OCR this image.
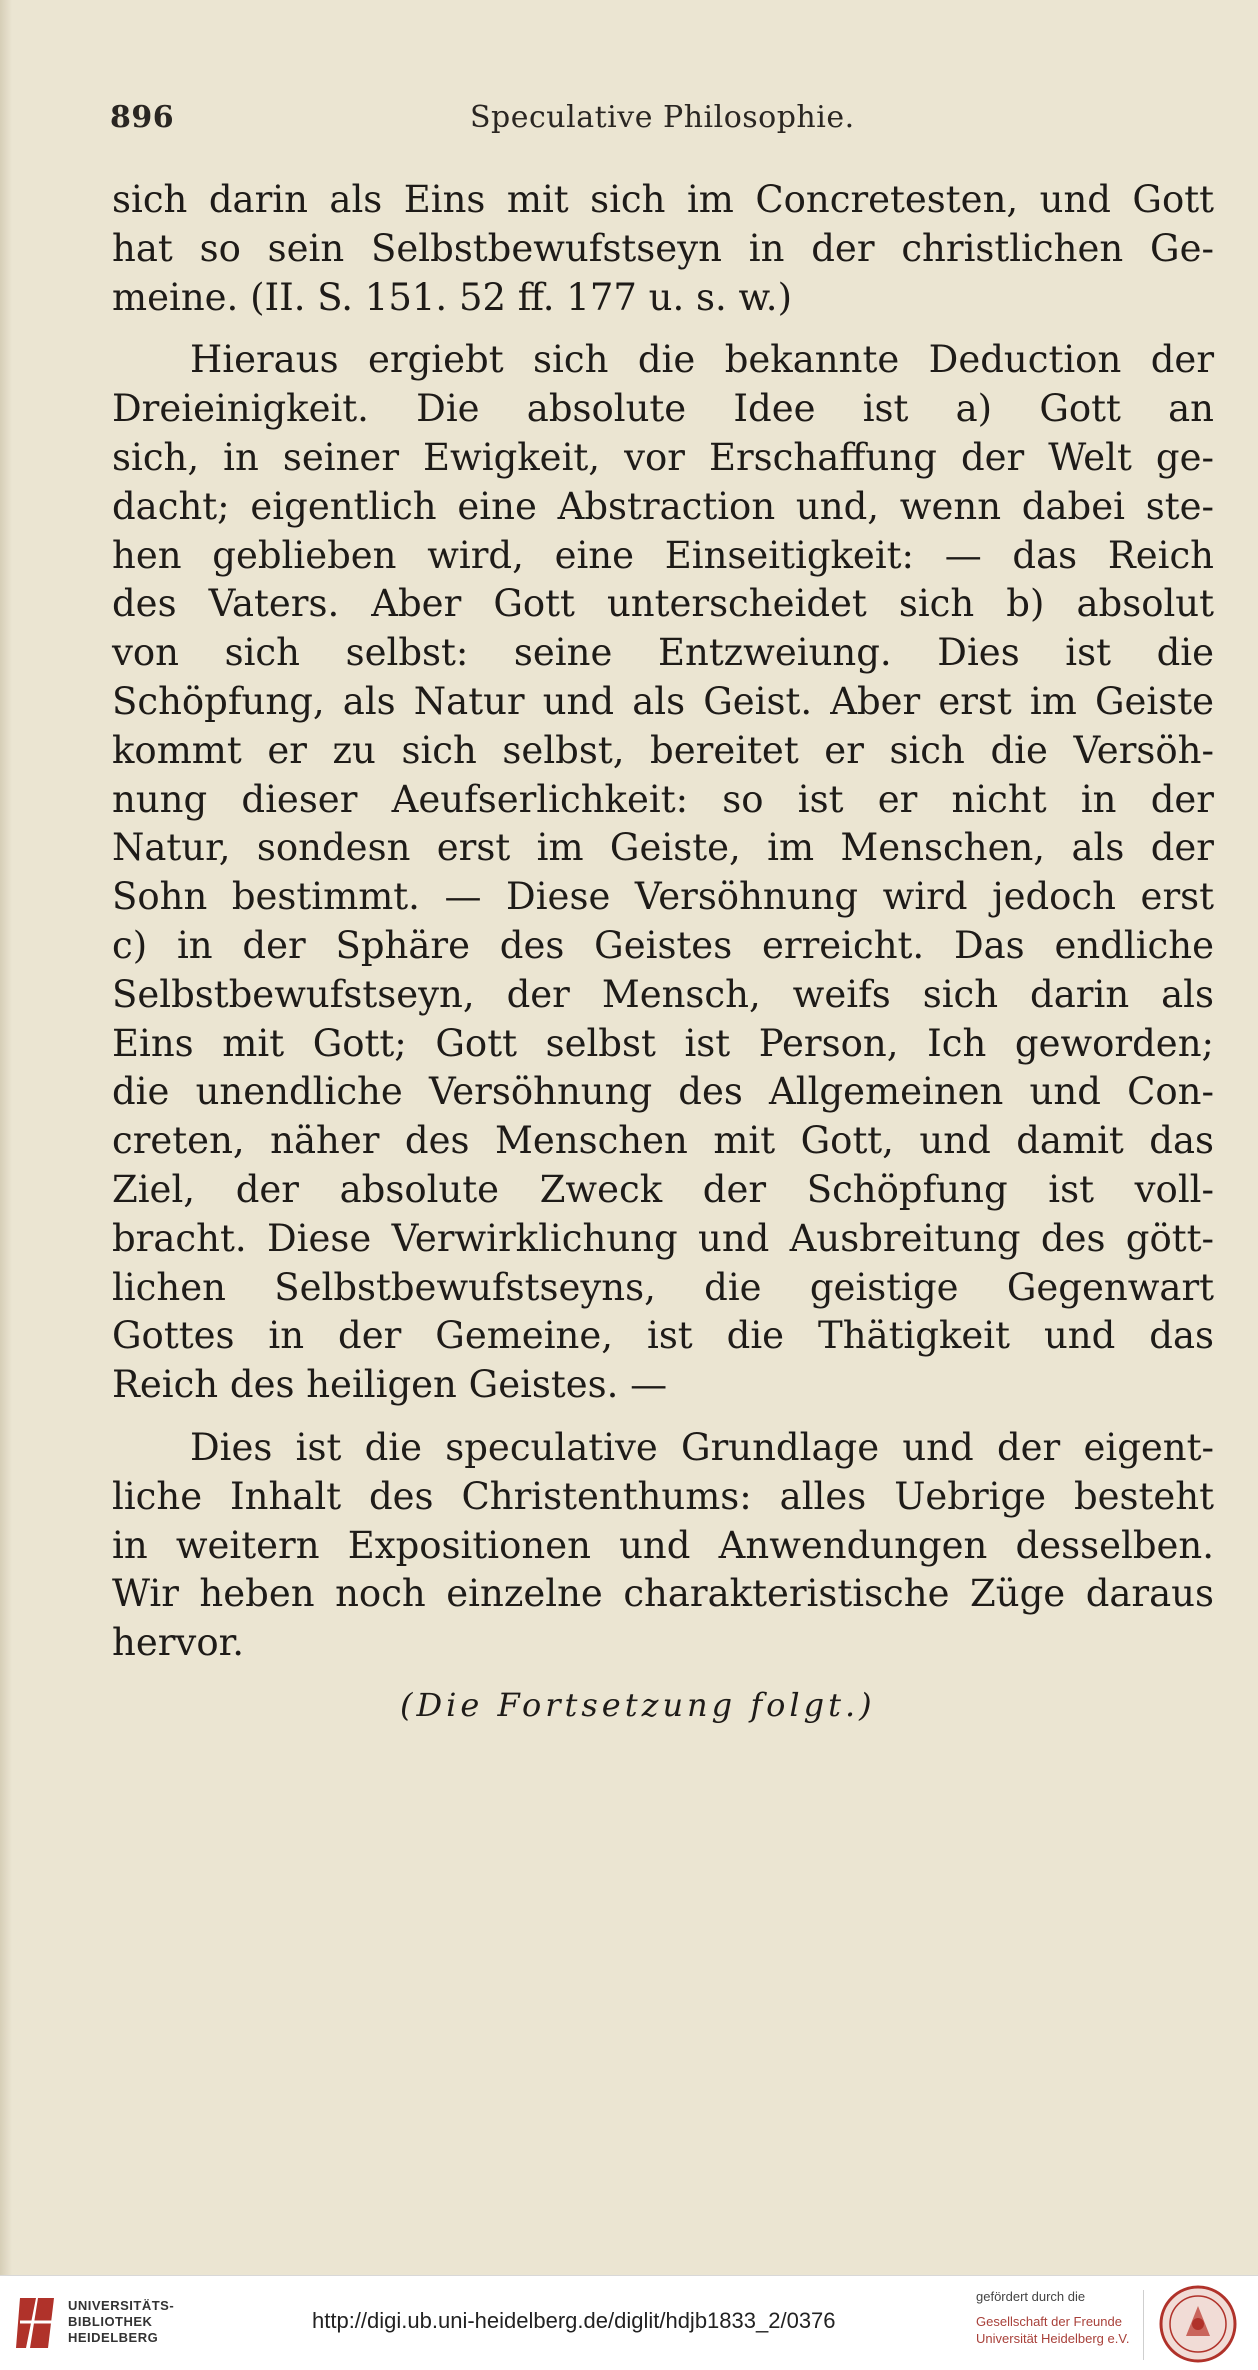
896	Speculative Philosophie.
sich darin als Eins mit sich im Concretesten, und Gott
hat so sein Selbstbewufstseyn in der christlichen Ge-
meine. (II. S. 151. 52 ff. 177 u. s. w.)
Hieraus ergiebt sich die bekannte Deduction der
Dreieinigkeit. Die absolute Idee ist a) Gott an
sich, in seiner Ewigkeit, vor Erschaffung der Welt ge-
dacht; eigentlich eine Abstraction und, wenn dabei ste-
hen geblieben wird, eine Einseitigkeit: — das Reich
des Vaters. Aber Gott unterscheidet sich b) absolut
von sich selbst: seine Entzweiung. Dies ist die
Schöpfung, als Natur und als Geist. Aber erst im Geiste
kommt er zu sich selbst, bereitet er sich die Versöh-
nung dieser Aeufserlichkeit: so ist er nicht in der
Natur, sondesn erst im Geiste, im Menschen, als der
Sohn bestimmt. — Diese Versöhnung wird jedoch erst
c) in der Sphäre des Geistes erreicht. Das endliche
Selbstbewufstseyn, der Mensch, weifs sich darin als
Eins mit Gott; Gott selbst ist Person, Ich geworden;
die unendliche Versöhnung des Allgemeinen und Con-
creten, näher des Menschen mit Gott, und damit das
Ziel, der absolute Zweck der Schöpfung ist voll-
bracht. Diese Verwirklichung und Ausbreitung des gött-
lichen Selbstbewufstseyns, die geistige Gegenwart
Gottes in der Gemeine, ist die Thätigkeit und das
Reich des heiligen Geistes. —
Dies ist die speculative Grundlage und der eigent-
liche Inhalt des Christenthums: alles Uebrige besteht
in weitern Expositionen und Anwendungen desselben.
Wir heben noch einzelne charakteristische Züge daraus
hervor.
(Die Fortsetzung folgt.)
UNIVERSITÄTS-
BIBLIOTHEK
HEIDELBERG
http://digi.ub.uni-heidelberg.de/diglit/hdjb1833_2/0376
gefördert durch die
Gesellschaft der Freunde
Universität Heidelberg e.V.
